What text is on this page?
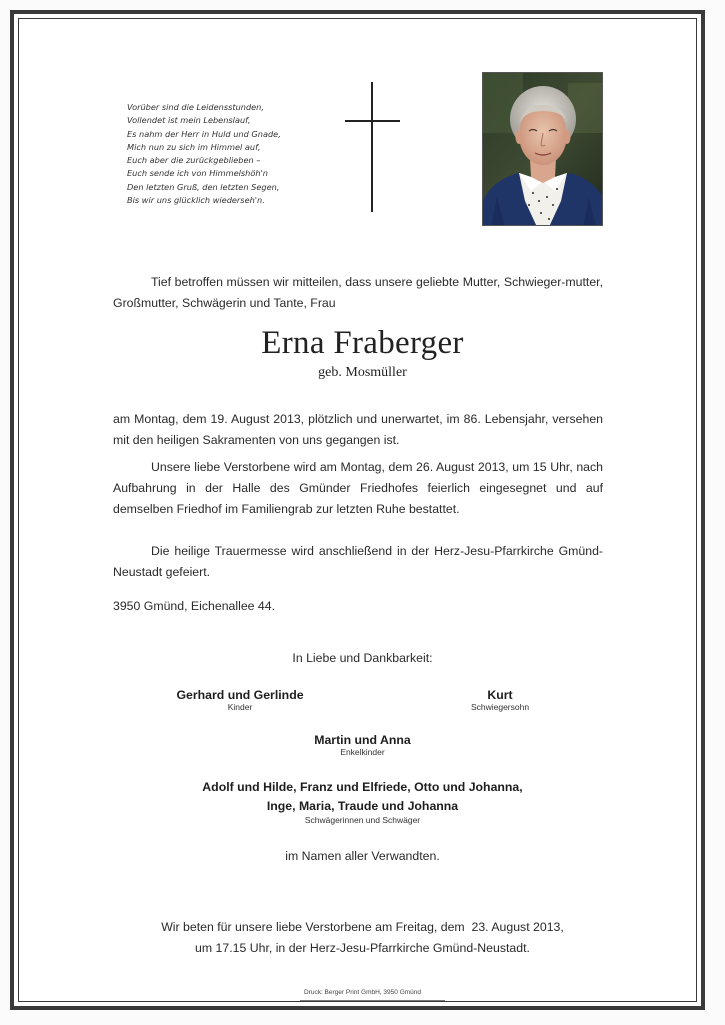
Vorüber sind die Leidensstunden,
Vollendet ist mein Lebenslauf,
Es nahm der Herr in Huld und Gnade,
Mich nun zu sich im Himmel auf,
Euch aber die zurückgeblieben –
Euch sende ich von Himmelshöh'n
Den letzten Gruß, den letzten Segen,
Bis wir uns glücklich wiederseh'n.
Tief betroffen müssen wir mitteilen, dass unsere geliebte Mutter, Schwieger-mutter, Großmutter, Schwägerin und Tante, Frau
Erna Fraberger
geb. Mosmüller
am Montag, dem 19. August 2013, plötzlich und unerwartet, im 86. Lebensjahr, versehen mit den heiligen Sakramenten von uns gegangen ist.
Unsere liebe Verstorbene wird am Montag, dem 26. August 2013, um 15 Uhr, nach Aufbahrung in der Halle des Gmünder Friedhofes feierlich eingesegnet und auf demselben Friedhof im Familiengrab zur letzten Ruhe bestattet.
Die heilige Trauermesse wird anschließend in der Herz-Jesu-Pfarrkirche Gmünd-Neustadt gefeiert.
3950 Gmünd, Eichenallee 44.
In Liebe und Dankbarkeit:
Gerhard und Gerlinde
Kinder
Kurt
Schwiegersohn
Martin und Anna
Enkelkinder
Adolf und Hilde, Franz und Elfriede, Otto und Johanna,
Inge, Maria, Traude und Johanna
Schwägerinnen und Schwäger
im Namen aller Verwandten.
Wir beten für unsere liebe Verstorbene am Freitag, dem  23. August 2013,
um 17.15 Uhr, in der Herz-Jesu-Pfarrkirche Gmünd-Neustadt.
Druck: Berger Print GmbH, 3950 Gmünd
